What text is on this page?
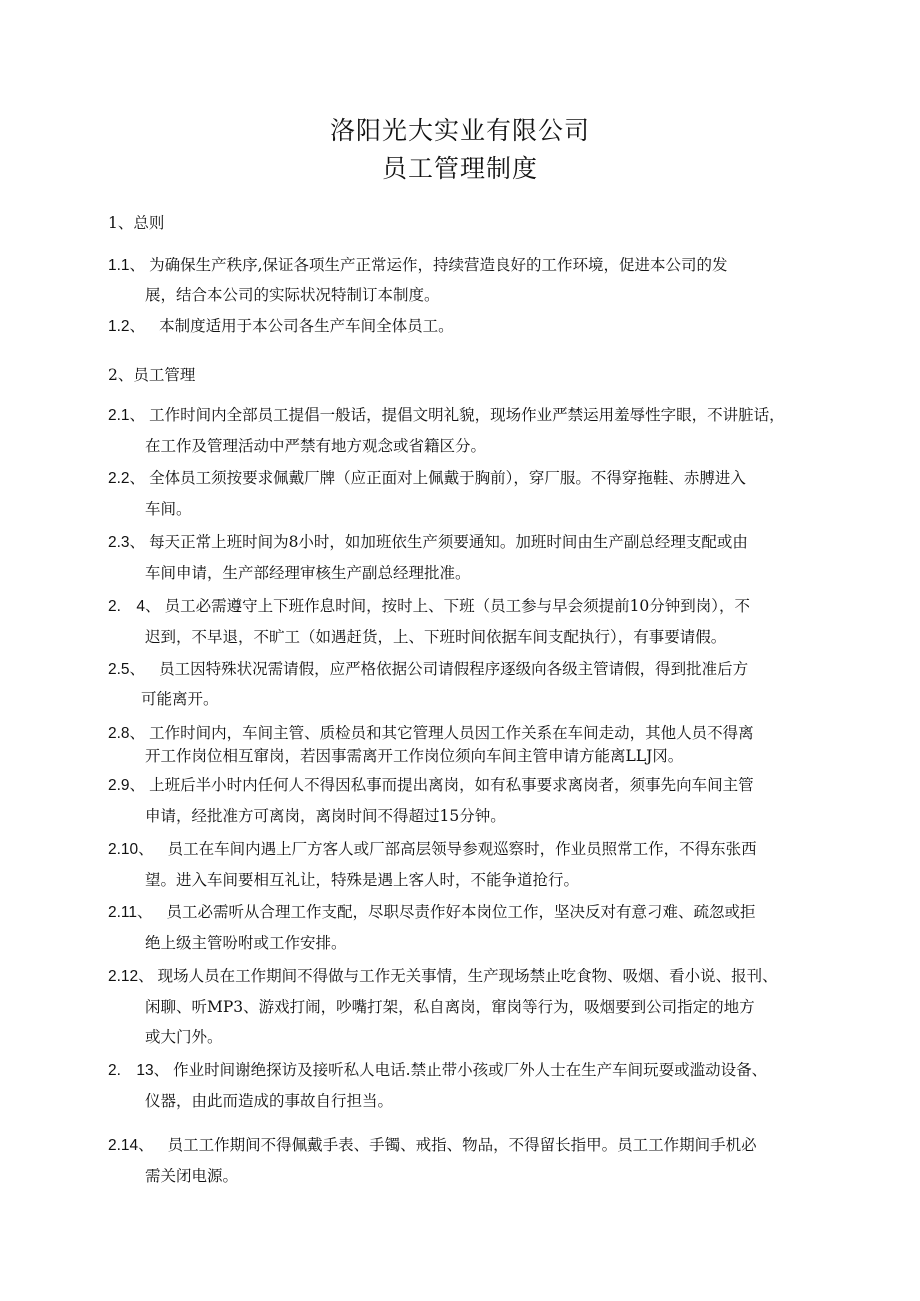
洛阳光大实业有限公司
员工管理制度
1、总则
1.1、 为确保生产秩序,保证各项生产正常运作，持续营造良好的工作环境，促进本公司的发
展，结合本公司的实际状况特制订本制度。
1.2、 本制度适用于本公司各生产车间全体员工。
2、员工管理
2.1、 工作时间内全部员工提倡一般话，提倡文明礼貌，现场作业严禁运用羞辱性字眼，不讲脏话，
在工作及管理活动中严禁有地方观念或省籍区分。
2.2、 全体员工须按要求佩戴厂牌（应正面对上佩戴于胸前），穿厂服。不得穿拖鞋、赤膊进入
车间。
2.3、 每天正常上班时间为8小时，如加班依生产须要通知。加班时间由生产副总经理支配或由
车间申请，生产部经理审核生产副总经理批准。
2.　4、 员工必需遵守上下班作息时间，按时上、下班（员工参与早会须提前10分钟到岗），不
迟到，不早退，不旷工（如遇赶货，上、下班时间依据车间支配执行），有事要请假。
2.5、 员工因特殊状况需请假，应严格依据公司请假程序逐级向各级主管请假，得到批准后方
可能离开。
2.8、 工作时间内，车间主管、质检员和其它管理人员因工作关系在车间走动，其他人员不得离
开工作岗位相互窜岗，若因事需离开工作岗位须向车间主管申请方能离LLJ冈。
2.9、 上班后半小时内任何人不得因私事而提出离岗，如有私事要求离岗者，须事先向车间主管
申请，经批准方可离岗，离岗时间不得超过15分钟。
2.10、 员工在车间内遇上厂方客人或厂部高层领导参观巡察时，作业员照常工作，不得东张西
望。进入车间要相互礼让，特殊是遇上客人时，不能争道抢行。
2.11、 员工必需听从合理工作支配，尽职尽责作好本岗位工作，坚决反对有意刁难、疏忽或拒
绝上级主管吩咐或工作安排。
2.12、 现场人员在工作期间不得做与工作无关事情，生产现场禁止吃食物、吸烟、看小说、报刊、
闲聊、听MP3、游戏打闹，吵嘴打架，私自离岗，窜岗等行为，吸烟要到公司指定的地方
或大门外。
2.　13、 作业时间谢绝探访及接听私人电话.禁止带小孩或厂外人士在生产车间玩耍或滥动设备、
仪器，由此而造成的事故自行担当。
2.14、 员工工作期间不得佩戴手表、手镯、戒指、物品，不得留长指甲。员工工作期间手机必
需关闭电源。
